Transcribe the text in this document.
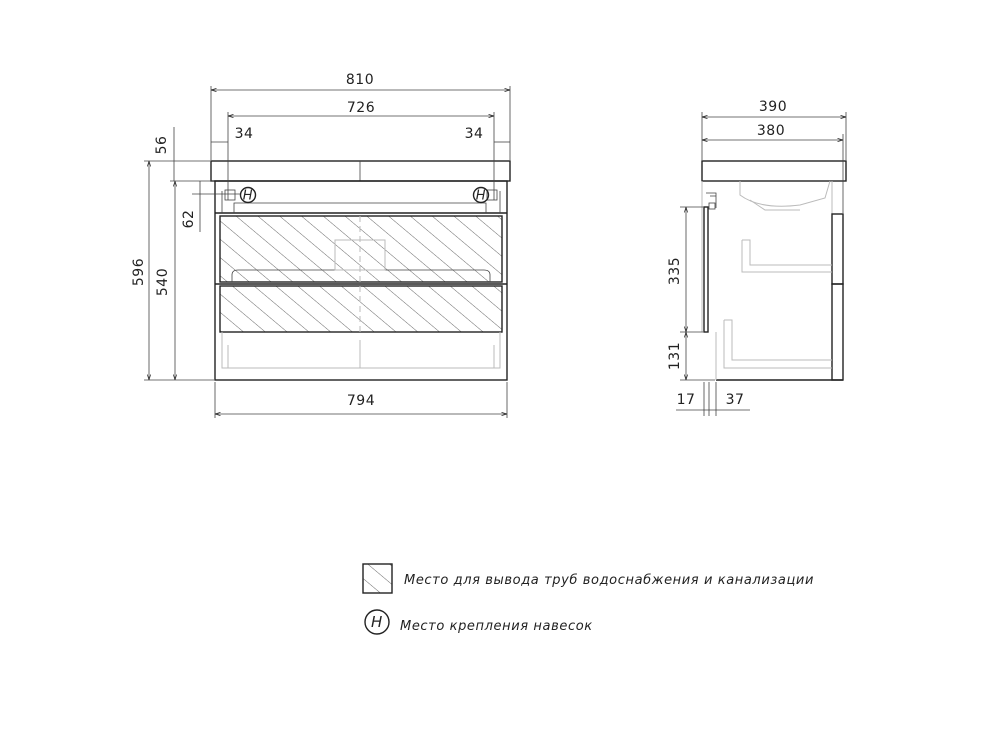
H	H
810
726
34	34
794
56
596 540
62
390
380
335
131
17 37
Место для вывода труб водоснабжения и канализации
H Место крепления навесок
